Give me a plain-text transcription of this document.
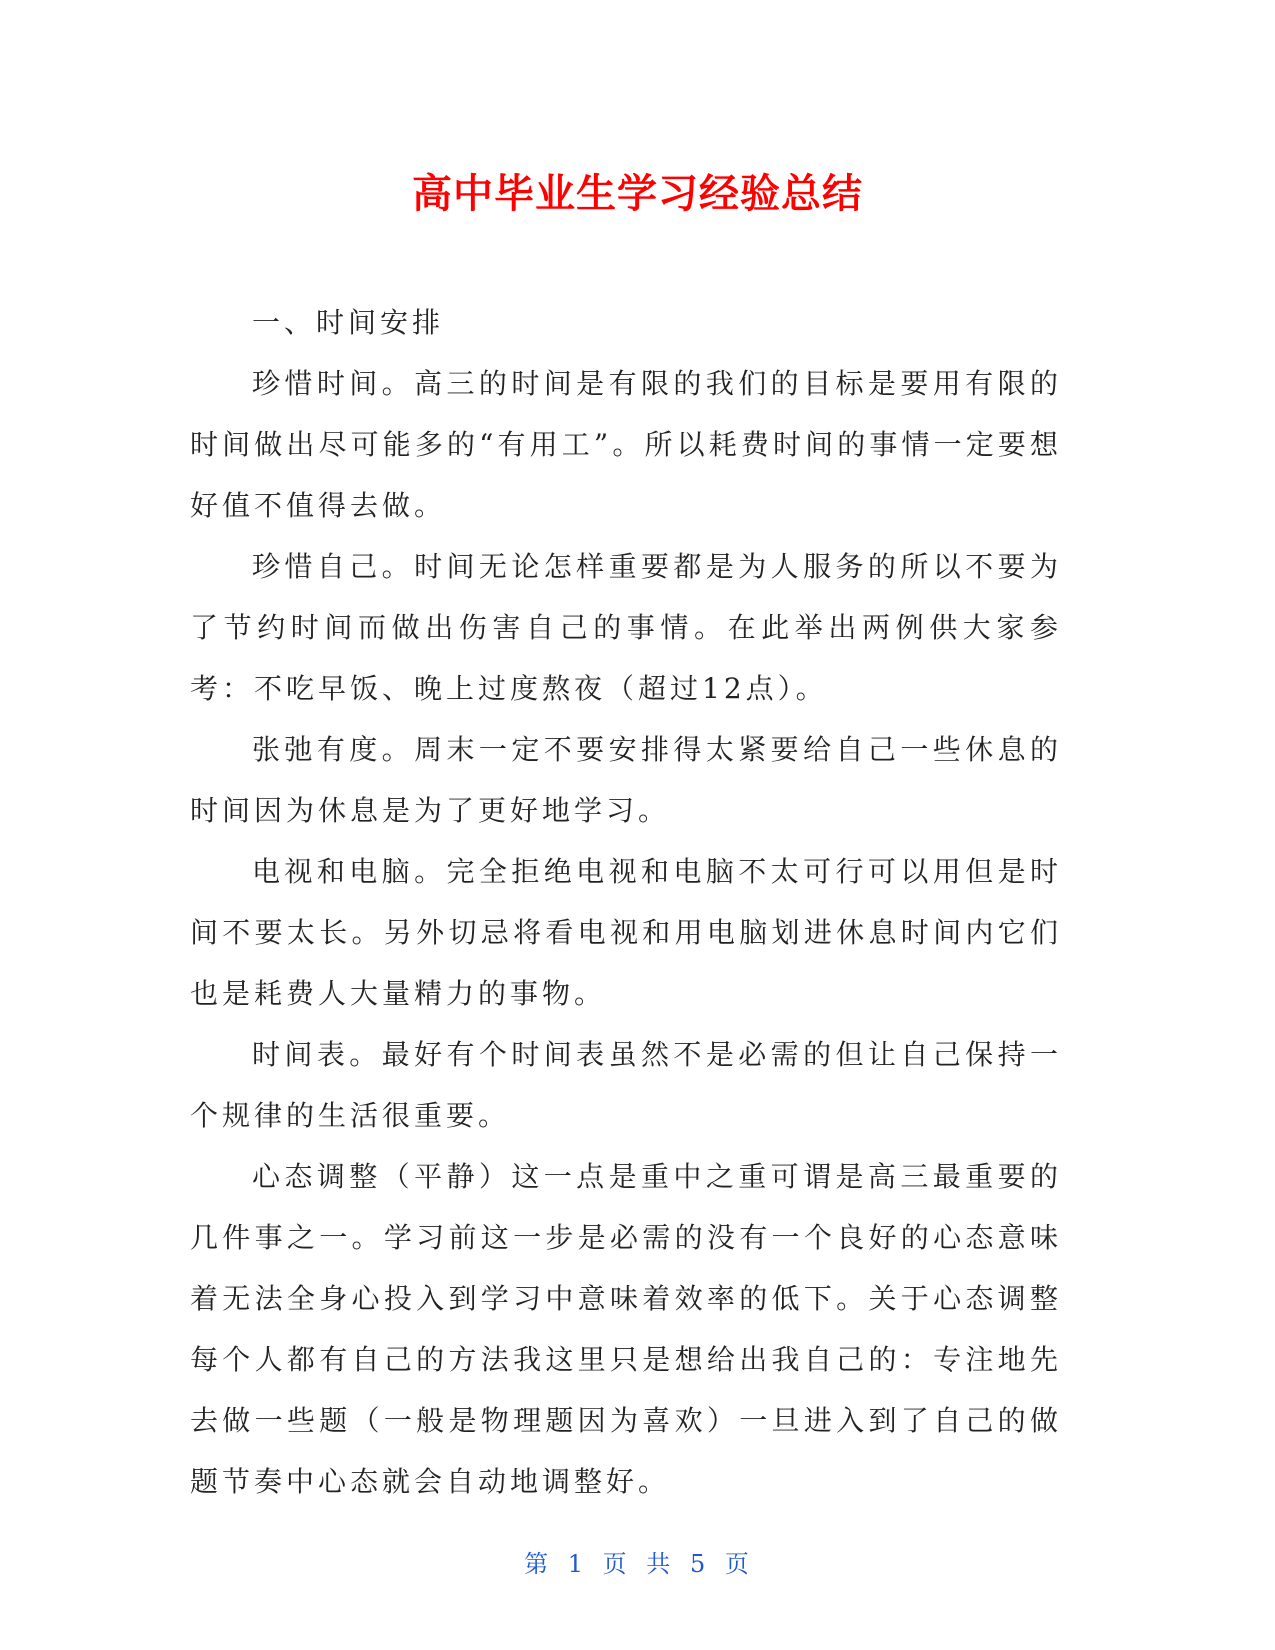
高中毕业生学习经验总结

一、时间安排

珍惜时间。高三的时间是有限的我们的目标是要用有限的时间做出尽可能多的“有用工”。所以耗费时间的事情一定要想好值不值得去做。

珍惜自己。时间无论怎样重要都是为人服务的所以不要为了节约时间而做出伤害自己的事情。在此举出两例供大家参考：不吃早饭、晚上过度熬夜（超过12点）。

张弛有度。周末一定不要安排得太紧要给自己一些休息的时间因为休息是为了更好地学习。

电视和电脑。完全拒绝电视和电脑不太可行可以用但是时间不要太长。另外切忌将看电视和用电脑划进休息时间内它们也是耗费人大量精力的事物。

时间表。最好有个时间表虽然不是必需的但让自己保持一个规律的生活很重要。

心态调整（平静）这一点是重中之重可谓是高三最重要的几件事之一。学习前这一步是必需的没有一个良好的心态意味着无法全身心投入到学习中意味着效率的低下。关于心态调整每个人都有自己的方法我这里只是想给出我自己的：专注地先去做一些题（一般是物理题因为喜欢）一旦进入到了自己的做题节奏中心态就会自动地调整好。

第 1 页 共 5 页
